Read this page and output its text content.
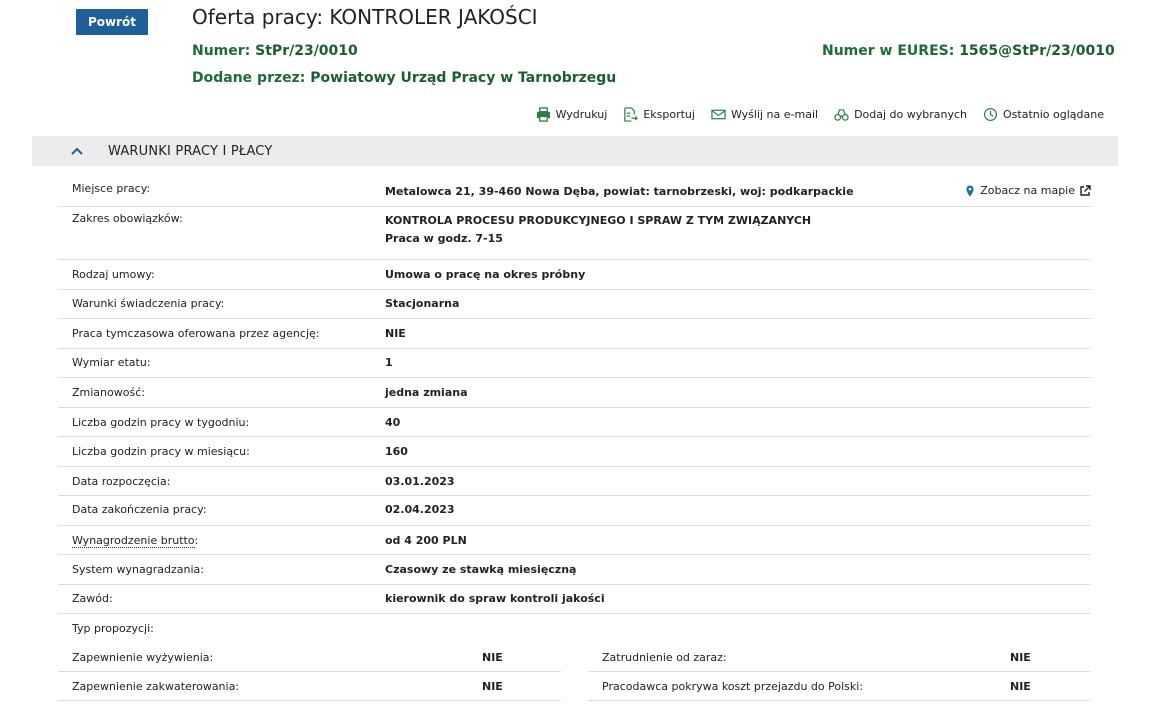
Powrót	Oferta pracy: KONTROLER JAKOŚCI
Numer: StPr/23/0010	Numer w EURES: 1565@StPr/23/0010
Dodane przez: Powiatowy Urząd Pracy w Tarnobrzegu
Wydrukuj	Eksportuj	Wyślij na e-mail	Dodaj do wybranych	Ostatnio oglądane
WARUNKI PRACY I PŁACY
Miejsce pracy:	Metalowca 21, 39-460 Nowa Dęba, powiat: tarnobrzeski, woj: podkarpackie	Zobacz na mapie
Zakres obowiązków:	KONTROLA PROCESU PRODUKCYJNEGO I SPRAW Z TYM ZWIĄZANYCH
Praca w godz. 7-15
Rodzaj umowy:	Umowa o pracę na okres próbny
Warunki świadczenia pracy:	Stacjonarna
Praca tymczasowa oferowana przez agencję:	NIE
Wymiar etatu:	1
Zmianowość:	jedna zmiana
Liczba godzin pracy w tygodniu:	40
Liczba godzin pracy w miesiącu:	160
Data rozpoczęcia:	03.01.2023
Data zakończenia pracy:	02.04.2023
Wynagrodzenie brutto:	od 4 200 PLN
System wynagradzania:	Czasowy ze stawką miesięczną
Zawód:	kierownik do spraw kontroli jakości
Typ propozycji:
Zapewnienie wyżywienia:	NIE
Zapewnienie zakwaterowania:	NIE
Zatrudnienie od zaraz:	NIE
Pracodawca pokrywa koszt przejazdu do Polski:	NIE
